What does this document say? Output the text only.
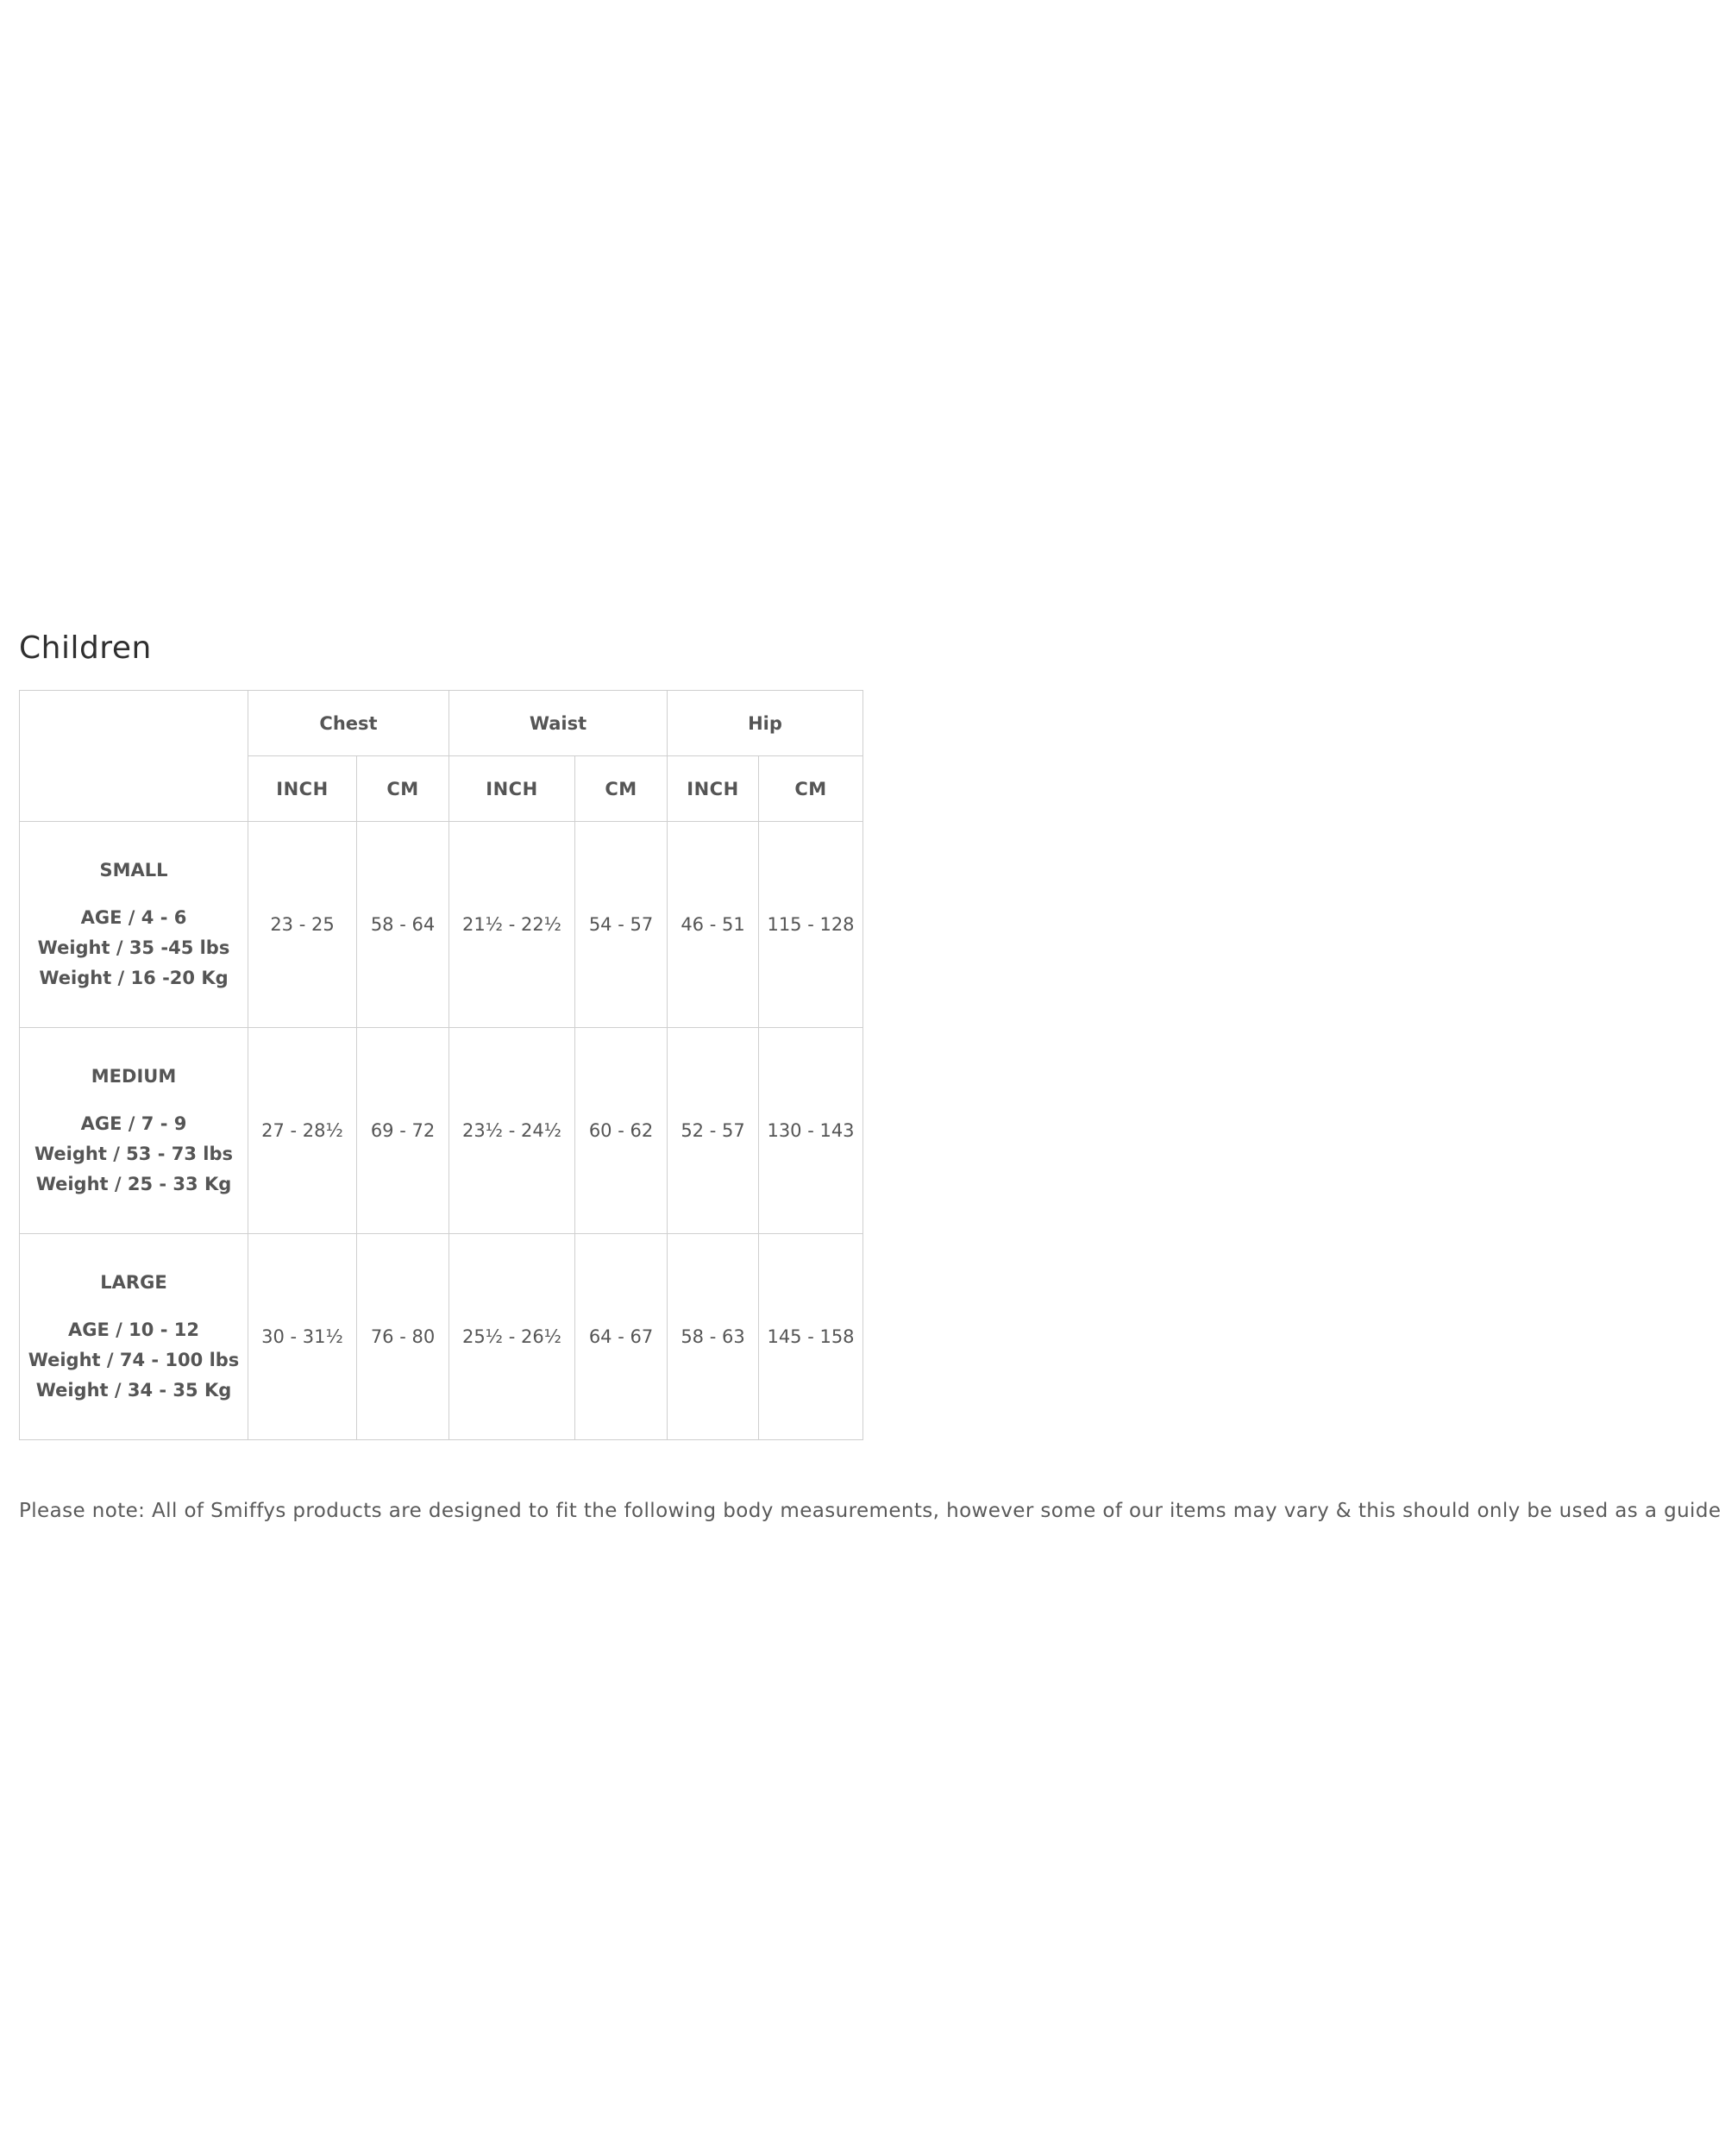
Children
	Chest		Waist		Hip	
	INCH	CM	INCH	CM	INCH	CM

SMALL
AGE / 4 - 6
Weight / 35 -45 lbs
Weight / 16 -20 Kg	23 - 25	58 - 64	21½ - 22½	54 - 57	46 - 51	115 - 128

MEDIUM
AGE / 7 - 9
Weight / 53 - 73 lbs
Weight / 25 - 33 Kg	27 - 28½	69 - 72	23½ - 24½	60 - 62	52 - 57	130 - 143

LARGE
AGE / 10 - 12
Weight / 74 - 100 lbs
Weight / 34 - 35 Kg	30 - 31½	76 - 80	25½ - 26½	64 - 67	58 - 63	145 - 158

Please note: All of Smiffys products are designed to fit the following body measurements, however some of our items may vary & this should only be used as a guide
